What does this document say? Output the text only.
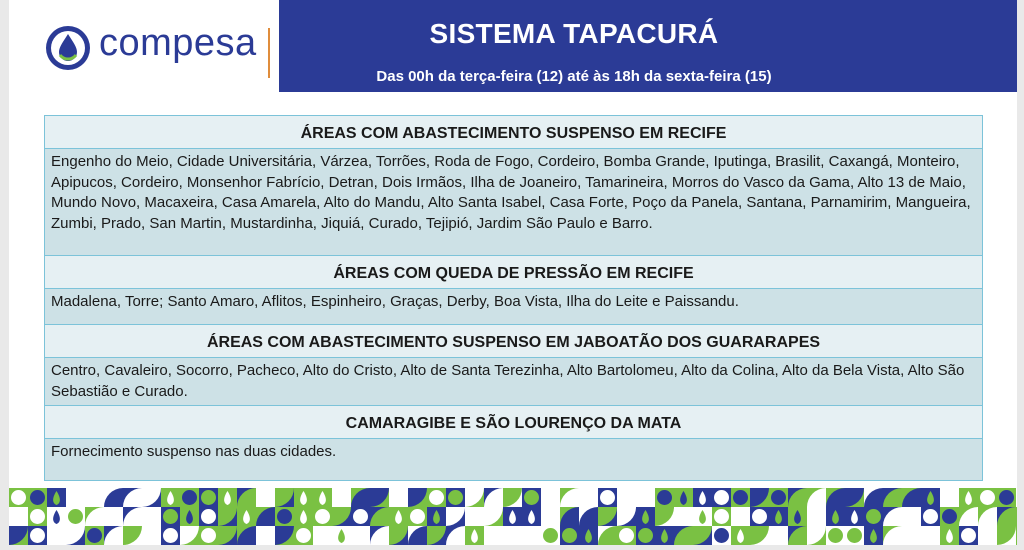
compesa	SISTEMA TAPACURÁ
Das 00h da terça-feira (12) até às 18h da sexta-feira (15)
ÁREAS COM ABASTECIMENTO SUSPENSO EM RECIFE
Engenho do Meio, Cidade Universitária, Várzea, Torrões, Roda de Fogo, Cordeiro, Bomba Grande, Iputinga, Brasilit, Caxangá, Monteiro, Apipucos, Cordeiro, Monsenhor Fabrício, Detran, Dois Irmãos, Ilha de Joaneiro, Tamarineira, Morros do Vasco da Gama, Alto 13 de Maio, Mundo Novo, Macaxeira, Casa Amarela, Alto do Mandu, Alto Santa Isabel, Casa Forte, Poço da Panela, Santana, Parnamirim, Mangueira, Zumbi, Prado, San Martin, Mustardinha, Jiquiá, Curado, Tejipió, Jardim São Paulo e Barro.
ÁREAS COM QUEDA DE PRESSÃO EM RECIFE
Madalena, Torre; Santo Amaro, Aflitos, Espinheiro, Graças, Derby, Boa Vista, Ilha do Leite e Paissandu.
ÁREAS COM ABASTECIMENTO SUSPENSO EM JABOATÃO DOS GUARARAPES
Centro, Cavaleiro, Socorro, Pacheco, Alto do Cristo, Alto de Santa Terezinha, Alto Bartolomeu, Alto da Colina, Alto da Bela Vista, Alto São Sebastião e Curado.
CAMARAGIBE E SÃO LOURENÇO DA MATA
Fornecimento suspenso nas duas cidades.
